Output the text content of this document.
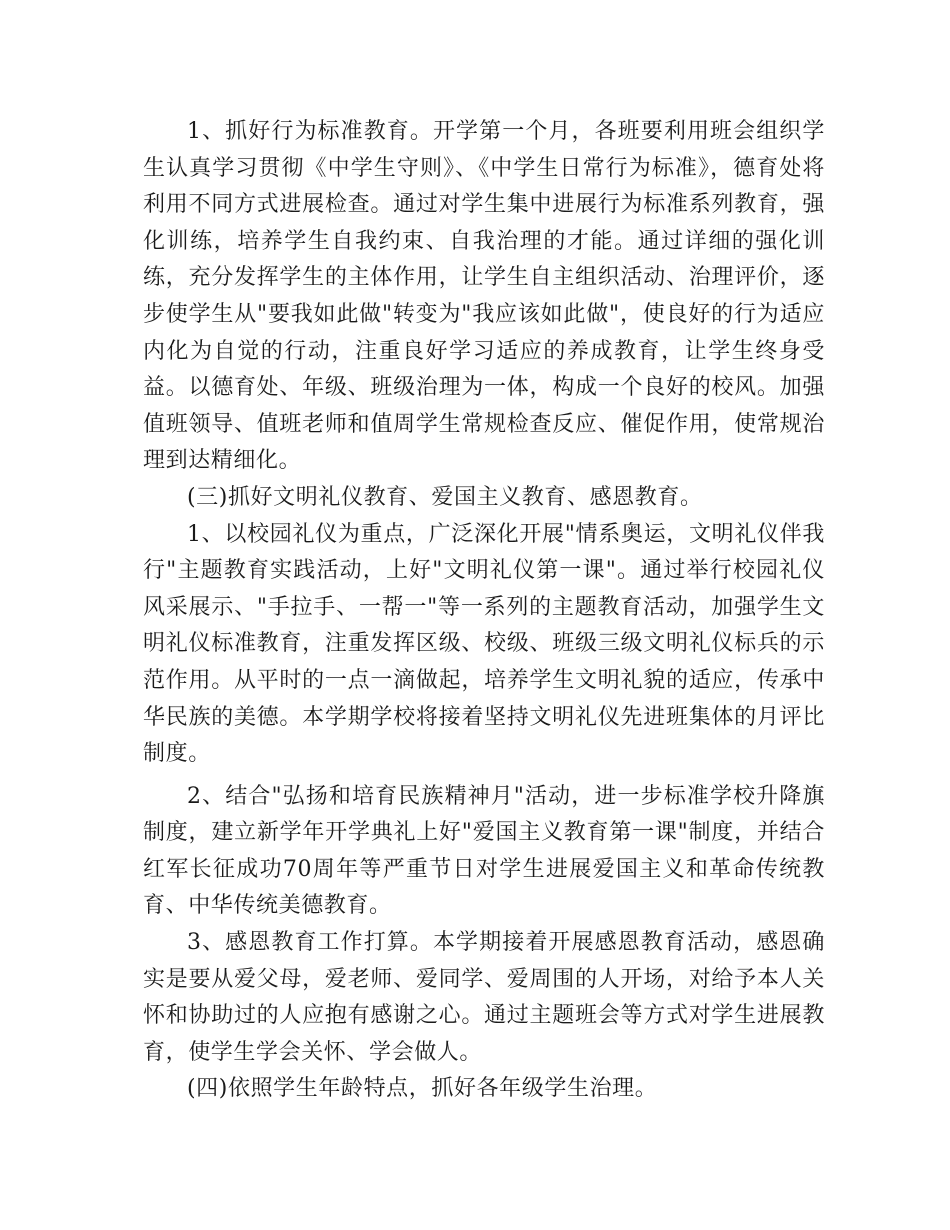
1、抓好行为标准教育。开学第一个月，各班要利用班会组织学生认真学习贯彻《中学生守则》、《中学生日常行为标准》，德育处将利用不同方式进展检查。通过对学生集中进展行为标准系列教育，强化训练，培养学生自我约束、自我治理的才能。通过详细的强化训练，充分发挥学生的主体作用，让学生自主组织活动、治理评价，逐步使学生从"要我如此做"转变为"我应该如此做"，使良好的行为适应内化为自觉的行动，注重良好学习适应的养成教育，让学生终身受益。以德育处、年级、班级治理为一体，构成一个良好的校风。加强值班领导、值班老师和值周学生常规检查反应、催促作用，使常规治理到达精细化。

(三)抓好文明礼仪教育、爱国主义教育、感恩教育。

1、以校园礼仪为重点，广泛深化开展"情系奥运，文明礼仪伴我行"主题教育实践活动，上好"文明礼仪第一课"。通过举行校园礼仪风采展示、"手拉手、一帮一"等一系列的主题教育活动，加强学生文明礼仪标准教育，注重发挥区级、校级、班级三级文明礼仪标兵的示范作用。从平时的一点一滴做起，培养学生文明礼貌的适应，传承中华民族的美德。本学期学校将接着坚持文明礼仪先进班集体的月评比制度。

2、结合"弘扬和培育民族精神月"活动，进一步标准学校升降旗制度，建立新学年开学典礼上好"爱国主义教育第一课"制度，并结合红军长征成功70周年等严重节日对学生进展爱国主义和革命传统教育、中华传统美德教育。

3、感恩教育工作打算。本学期接着开展感恩教育活动，感恩确实是要从爱父母，爱老师、爱同学、爱周围的人开场，对给予本人关怀和协助过的人应抱有感谢之心。通过主题班会等方式对学生进展教育，使学生学会关怀、学会做人。

(四)依照学生年龄特点，抓好各年级学生治理。
